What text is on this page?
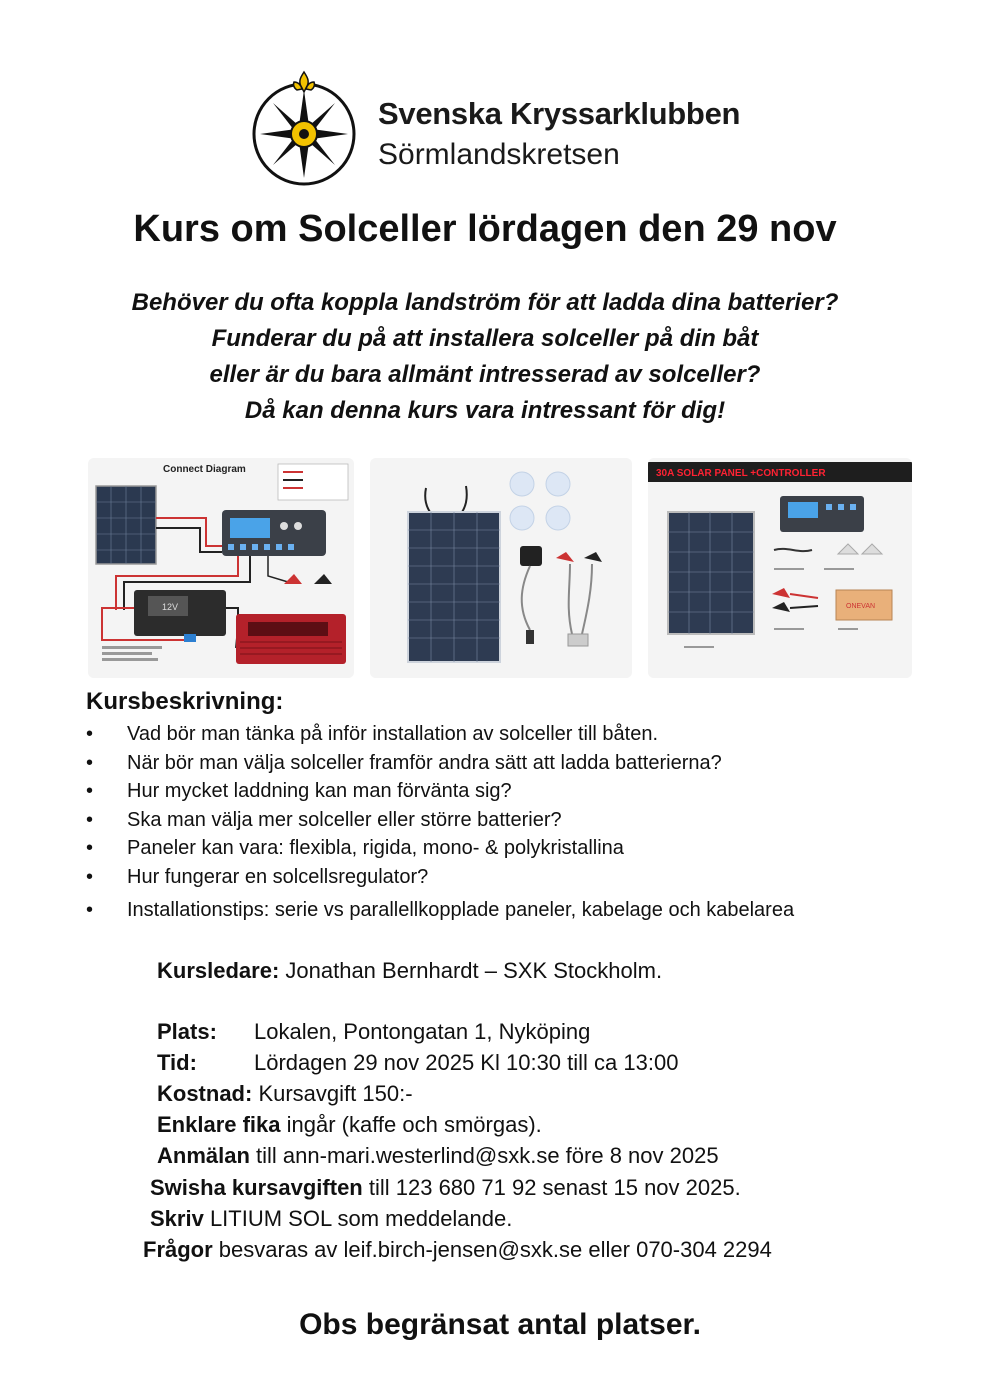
Svenska Kryssarklubben
Sörmlandskretsen
Kurs om Solceller lördagen den 29 nov
Behöver du ofta koppla landström för att ladda dina batterier?
Funderar du på att installera solceller på din båt
eller är du bara allmänt intresserad av solceller?
Då kan denna kurs vara intressant för dig!
Connect Diagram
12V
30A SOLAR PANEL +CONTROLLER
ONEVAN
Kursbeskrivning:
• Vad bör man tänka på inför installation av solceller till båten.
• När bör man välja solceller framför andra sätt att ladda batterierna?
• Hur mycket laddning kan man förvänta sig?
• Ska man välja mer solceller eller större batterier?
• Paneler kan vara: flexibla, rigida, mono- & polykristallina
• Hur fungerar en solcellsregulator?
• Installationstips: serie vs parallellkopplade paneler, kabelage och kabelarea
Kursledare: Jonathan Bernhardt – SXK Stockholm.
Plats: Lokalen, Pontongatan 1, Nyköping
Tid:	Lördagen 29 nov 2025 Kl 10:30 till ca 13:00
Kostnad: Kursavgift 150:-
Enklare fika ingår (kaffe och smörgas).
Anmälan till ann-mari.westerlind@sxk.se före 8 nov 2025
Swisha kursavgiften till 123 680 71 92 senast 15 nov 2025.
Skriv LITIUM SOL som meddelande.
Frågor besvaras av leif.birch-jensen@sxk.se eller 070-304 2294
Obs begränsat antal platser.
